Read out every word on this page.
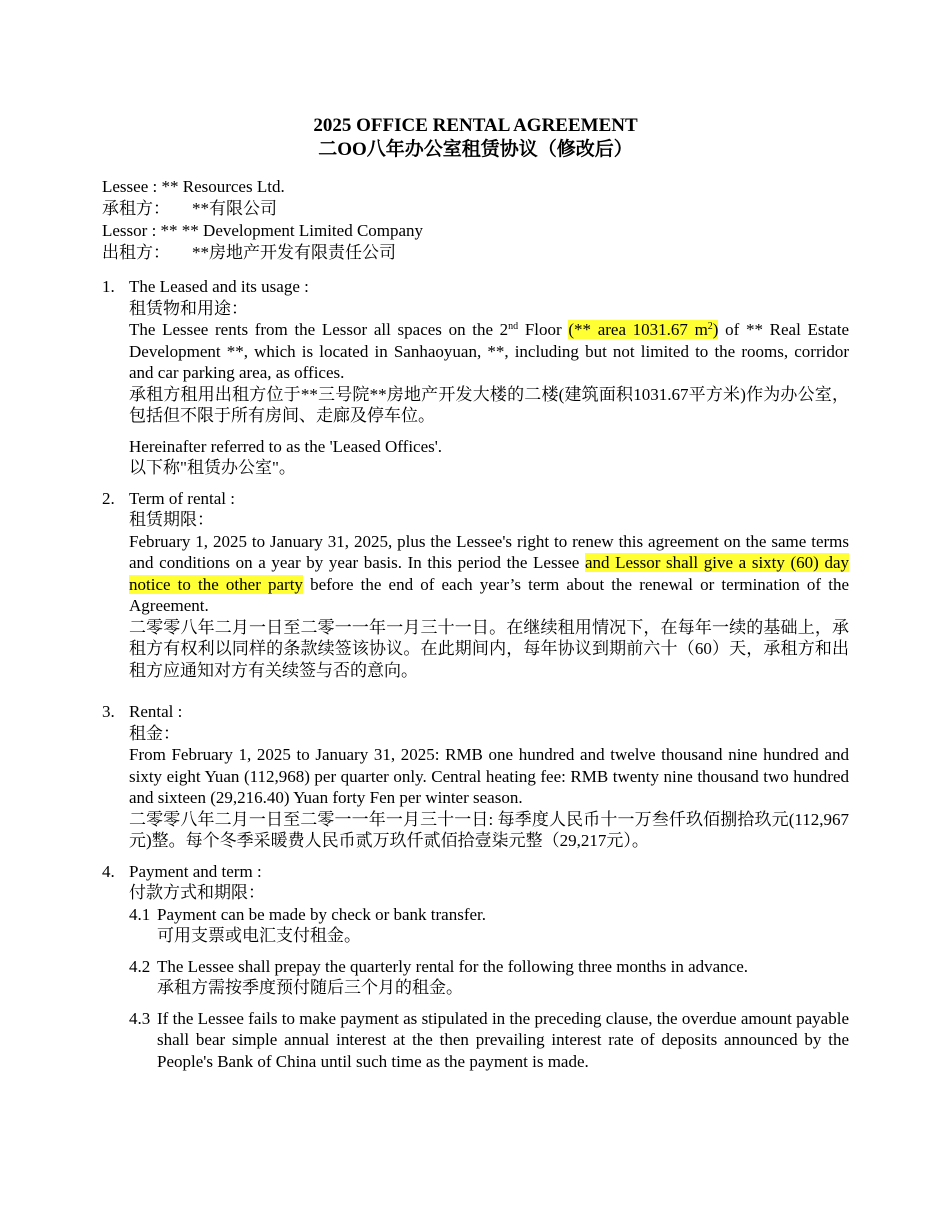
2025 OFFICE RENTAL AGREEMENT
二OO八年办公室租赁协议（修改后）
Lessee : ** Resources Ltd.
承租方： **有限公司
Lessor : ** ** Development Limited Company
出租方： **房地产开发有限责任公司
1. The Leased and its usage :
租赁物和用途：
The Lessee rents from the Lessor all spaces on the 2nd Floor (** area 1031.67 $m^2$) of ** Real Estate Development **, which is located in Sanhaoyuan, **, including but not limited to the rooms, corridor and car parking area, as offices.
承租方租用出租方位于**三号院**房地产开发大楼的二楼(建筑面积1031.67平方米)作为办公室，包括但不限于所有房间、走廊及停车位。
Hereinafter referred to as the 'Leased Offices'.
以下称"租赁办公室"。
2. Term of rental :
租赁期限：
February 1, 2025 to January 31, 2025, plus the Lessee's right to renew this agreement on the same terms and conditions on a year by year basis. In this period the Lessee and Lessor shall give a sixty (60) day notice to the other party before the end of each year’s term about the renewal or termination of the Agreement.
二零零八年二月一日至二零一一年一月三十一日。在继续租用情况下，在每年一续的基础上，承租方有权利以同样的条款续签该协议。在此期间内，每年协议到期前六十（60）天，承租方和出租方应通知对方有关续签与否的意向。
3. Rental :
租金：
From February 1, 2025 to January 31, 2025: RMB one hundred and twelve thousand nine hundred and sixty eight Yuan (112,968) per quarter only. Central heating fee: RMB twenty nine thousand two hundred and sixteen (29,216.40) Yuan forty Fen per winter season.
二零零八年二月一日至二零一一年一月三十一日: 每季度人民币十一万叁仟玖佰捌拾玖元(112,967元)整。每个冬季采暖费人民币贰万玖仟贰佰拾壹柒元整（29,217元）。
4. Payment and term :
付款方式和期限：
4.1 Payment can be made by check or bank transfer.
可用支票或电汇支付租金。
4.2 The Lessee shall prepay the quarterly rental for the following three months in advance.
承租方需按季度预付随后三个月的租金。
4.3 If the Lessee fails to make payment as stipulated in the preceding clause, the overdue amount payable shall bear simple annual interest at the then prevailing interest rate of deposits announced by the People's Bank of China until such time as the payment is made.
